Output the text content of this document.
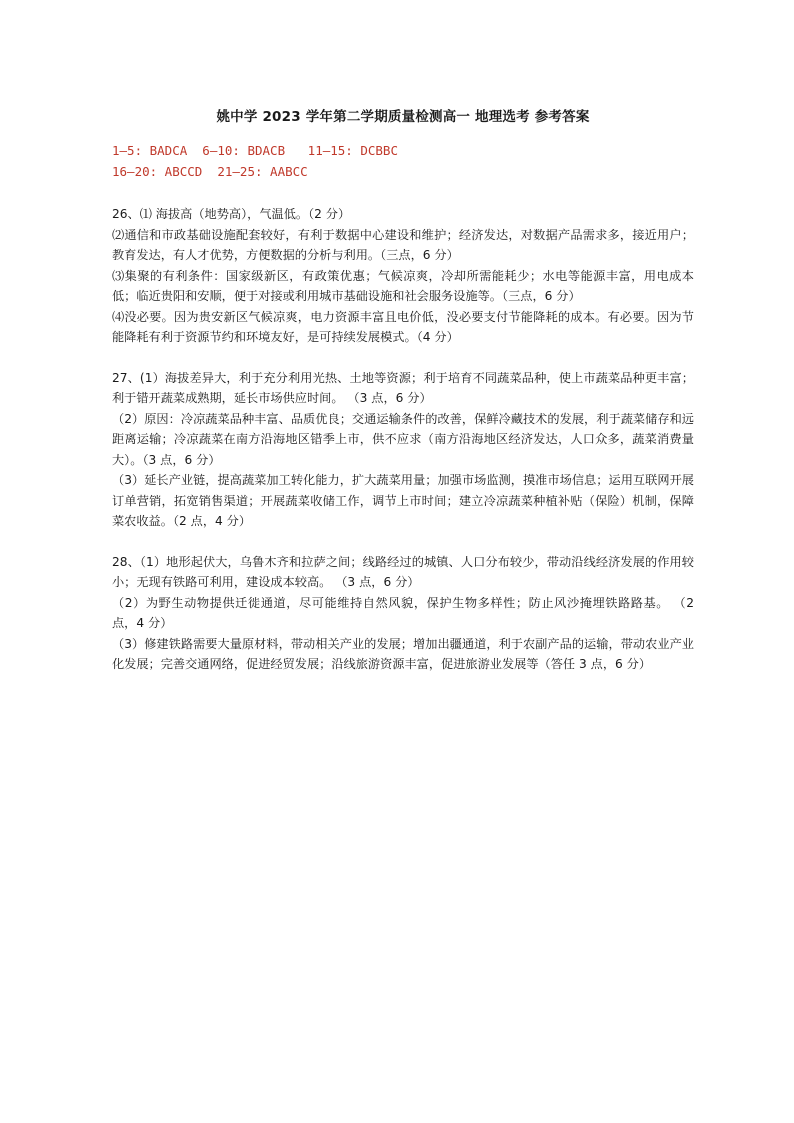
姚中学 2023 学年第二学期质量检测高一 地理选考 参考答案
1—5: BADCA  6—10: BDACB   11—15: DCBBC
16—20: ABCCD  21—25: AABCC

26、⑴ 海拔高（地势高），气温低。（2 分）

⑵通信和市政基础设施配套较好，有利于数据中心建设和维护；经济发达，对数据产品需求多，接近用户；教育发达，有人才优势，方便数据的分析与利用。（三点，6 分）

⑶集聚的有利条件：国家级新区，有政策优惠；气候凉爽，冷却所需能耗少；水电等能源丰富，用电成本低；临近贵阳和安顺，便于对接或利用城市基础设施和社会服务设施等。（三点，6 分）

⑷没必要。因为贵安新区气候凉爽，电力资源丰富且电价低，没必要支付节能降耗的成本。有必要。因为节能降耗有利于资源节约和环境友好，是可持续发展模式。（4 分）

27、(1）海拔差异大，利于充分利用光热、土地等资源；利于培育不同蔬菜品种，使上市蔬菜品种更丰富；利于错开蔬菜成熟期，延长市场供应时间。 （3 点，6 分）

（2）原因：冷凉蔬菜品种丰富、品质优良；交通运输条件的改善，保鲜冷藏技术的发展，利于蔬菜储存和远距离运输；冷凉蔬菜在南方沿海地区错季上市，供不应求（南方沿海地区经济发达，人口众多，蔬菜消费量大）。（3 点，6 分）

（3）延长产业链，提高蔬菜加工转化能力，扩大蔬菜用量；加强市场监测，摸准市场信息；运用互联网开展订单营销，拓宽销售渠道；开展蔬菜收储工作，调节上市时间；建立冷凉蔬菜种植补贴（保险）机制，保障菜农收益。（2 点，4 分）

28、（1）地形起伏大，乌鲁木齐和拉萨之间；线路经过的城镇、人口分布较少，带动沿线经济发展的作用较小；无现有铁路可利用，建设成本较高。 （3 点，6 分）

（2）为野生动物提供迁徙通道，尽可能维持自然风貌，保护生物多样性；防止风沙掩埋铁路路基。 （2 点，4 分）

（3）修建铁路需要大量原材料，带动相关产业的发展；增加出疆通道，利于农副产品的运输，带动农业产业化发展；完善交通网络，促进经贸发展；沿线旅游资源丰富，促进旅游业发展等（答任 3 点，6 分）
